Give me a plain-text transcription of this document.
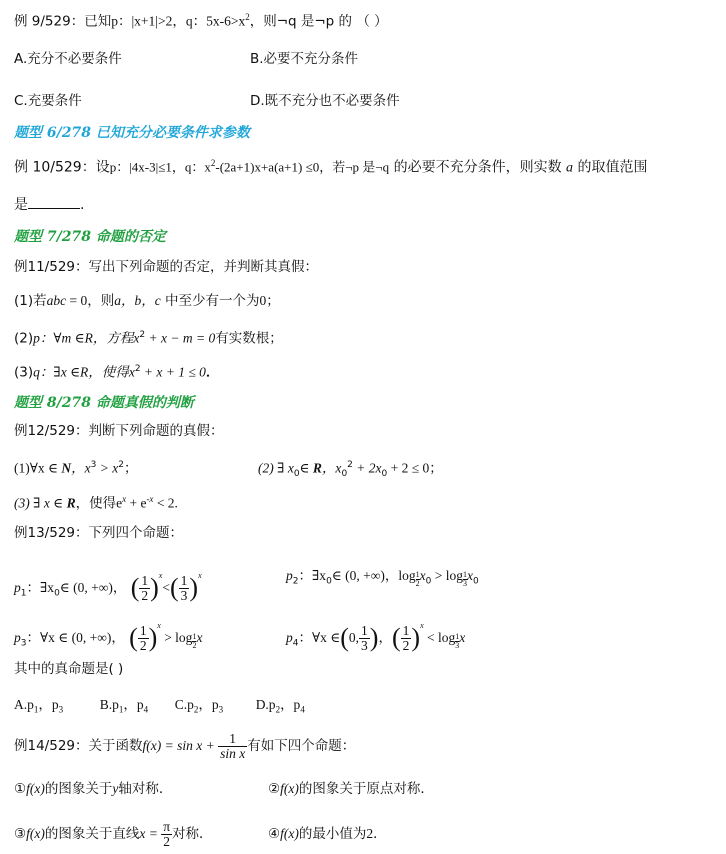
例 9/529：已知p：|x+1|>2，q：$5x-6>x^2$，则¬q 是¬p 的 （ ）
A.充分不必要条件	B.必要不充分条件
C.充要条件	D.既不充分也不必要条件
题型 6/278 已知充分必要条件求参数
例 10/529：设p：|4x-3|≤1，q：$x^2-(2a+1)x+a(a+1) \le 0$，若¬p 是¬q 的必要不充分条件，则实数 a 的取值范围
是	.
题型 7/278 命题的否定
例11/529：写出下列命题的否定，并判断其真假：
(1)若abc = 0，则a，b，c 中至少有一个为0；
(2)p：∀m ∈R，方程$x^2 + x - m = 0$有实数根；
(3)q：∃x ∈R，使得$x^2 + x + 1 \le 0$．
题型 8/278 命题真假的判断
例12/529：判断下列命题的真假：
(1)∀x ∈ N，$x^3 > x^2$；	(2) ∃ $x_0\in$ R，$x_0^2 + 2x_0 + 2 \le 0$；
(3) ∃ x ∈ R，使得$e^x + e^{-x} < 2$.
例13/529：下列四个命题：
$p_1$：$\exists x_0\in$ (0, +∞)， ( $\frac{1}{2} )^x<( \frac{1}{3} )^x$	$p_2$：$\exists x_0\in$ (0, +∞)，$\log \frac{1}{2} x_0 > \log \frac{1}{3} x_0$
$p_3$：∀x ∈ (0, +∞)， ( $\frac{1}{2} )^x > \log \frac{1}{2}$ x	$p_4$：∀x ∈(0, $\frac{1}{3}$ )，( $\frac{1}{2} )^x < \log \frac{1}{3}$ x
其中的真命题是( )
$A.p_1$，$p_3$	$B.p_1$，$p_4$ $C.p_2$，$p_3$ $D.p_2$，$p_4$
例14/529：关于函数$f(x) = \sin x + \frac{1}{\text{sin x}}$ 有如下四个命题：
①f(x)的图象关于y轴对称．	②f(x)的图象关于原点对称．
③f(x)的图象关于直线$x = \frac{\pi}{2}$ 对称．	④f(x)的最小值为2．
